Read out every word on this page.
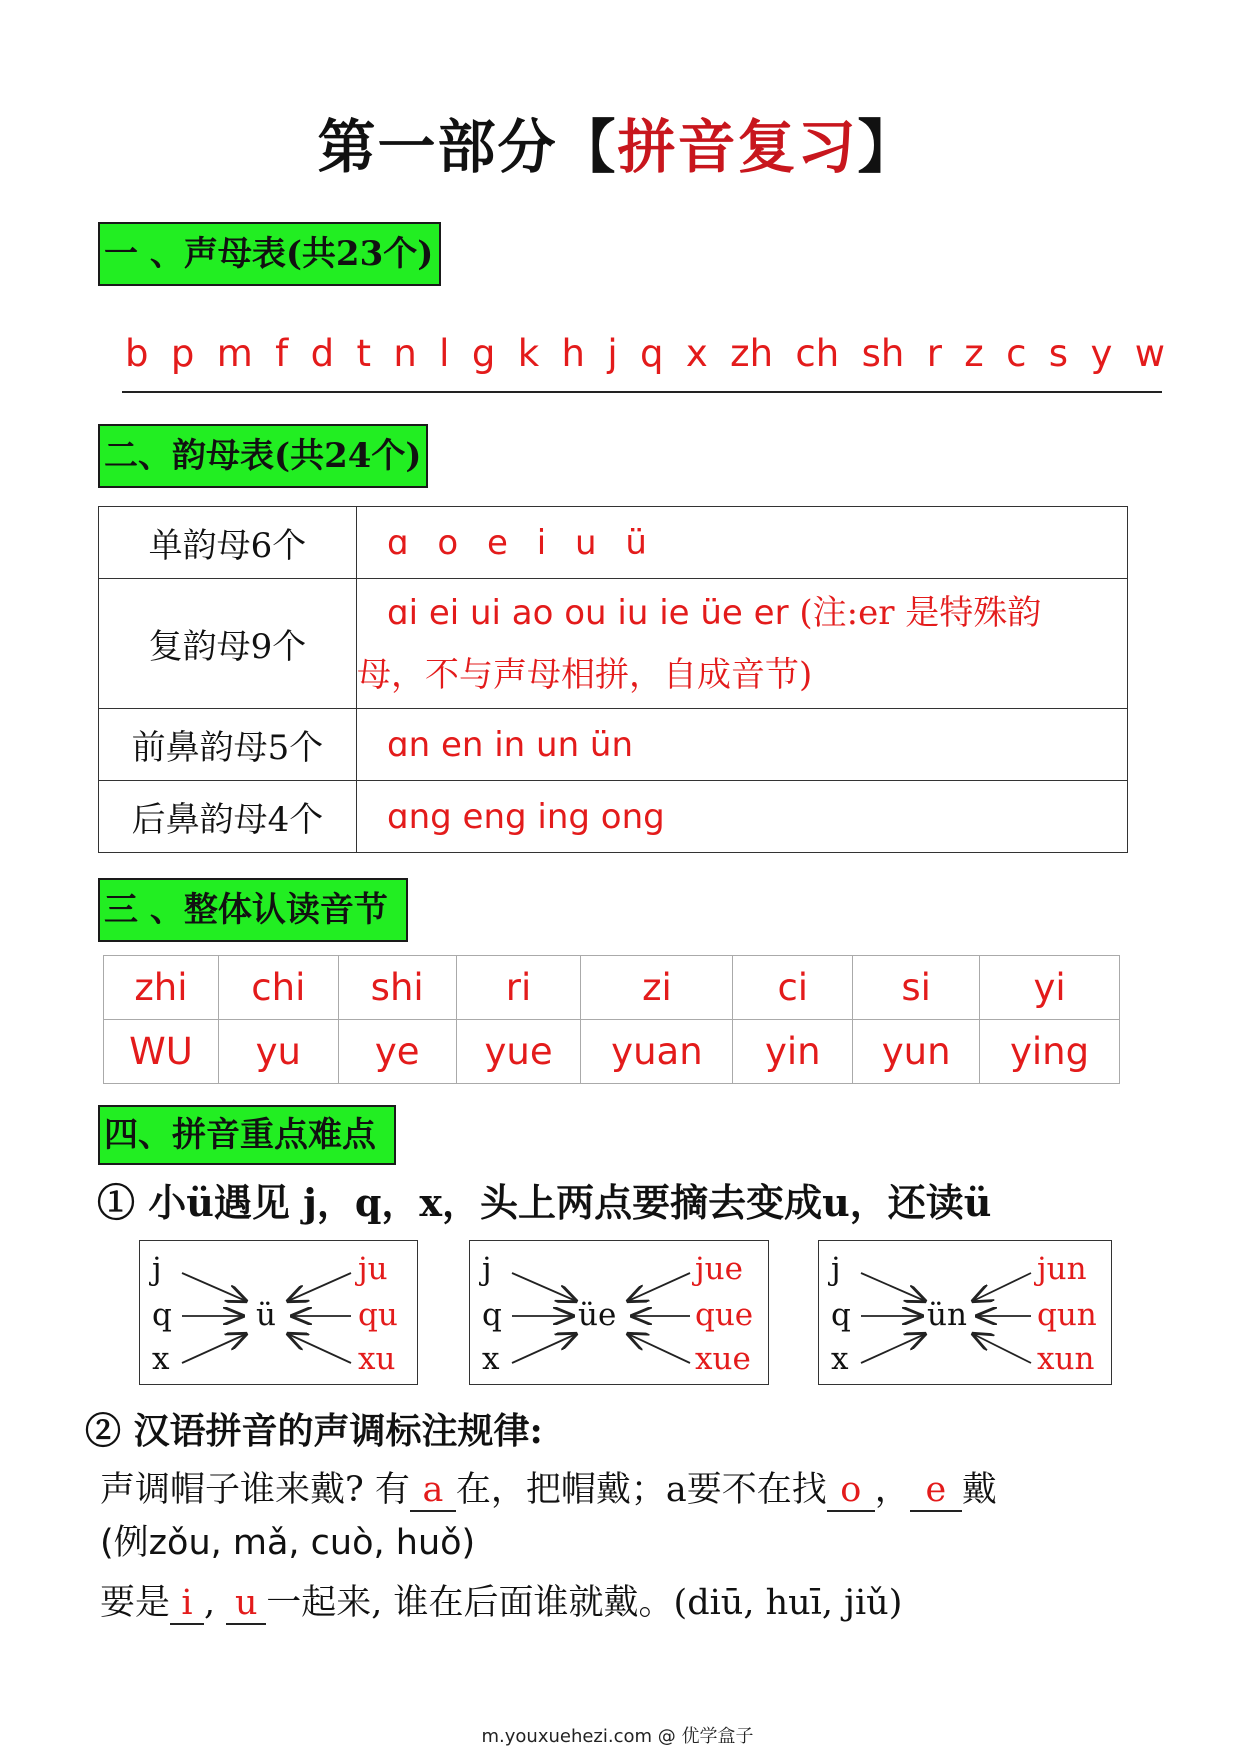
第一部分【拼音复习】
一 、声母表(共23个)
b p m f d t n l g k h j q x zh ch sh r z c s y w
二、韵母表(共24个)
单韵母6个	ɑ o e i u ü
复韵母9个	ɑi ei ui ao ou iu ie üe er (注:er 是特殊韵
母，不与声母相拼，自成音节)

前鼻韵母5个	ɑn en in un ün
后鼻韵母4个	ɑng eng ing ong
三 、整体认读音节
zhi	chi	shi	ri	zi	ci	si	yi
WU	yu	ye	yue	yuan	yin	yun	ying
四、拼音重点难点
① 小ü遇见 j，q，x，头上两点要摘去变成u，还读ü
j
q
x
ü
ju
qu
xu
j
q
x
üe
jue
que
xue
j
q
x
ün
jun
qun
xun
② 汉语拼音的声调标注规律:
声调帽子谁来戴? 有 a 在，把帽戴；a要不在找 o ， e 戴
(例zǒu, mǎ, cuò, huǒ)
要是 i , u 一起来, 谁在后面谁就戴。(diū, huī, jiǔ)
m.youxuehezi.com @ 优学盒子
